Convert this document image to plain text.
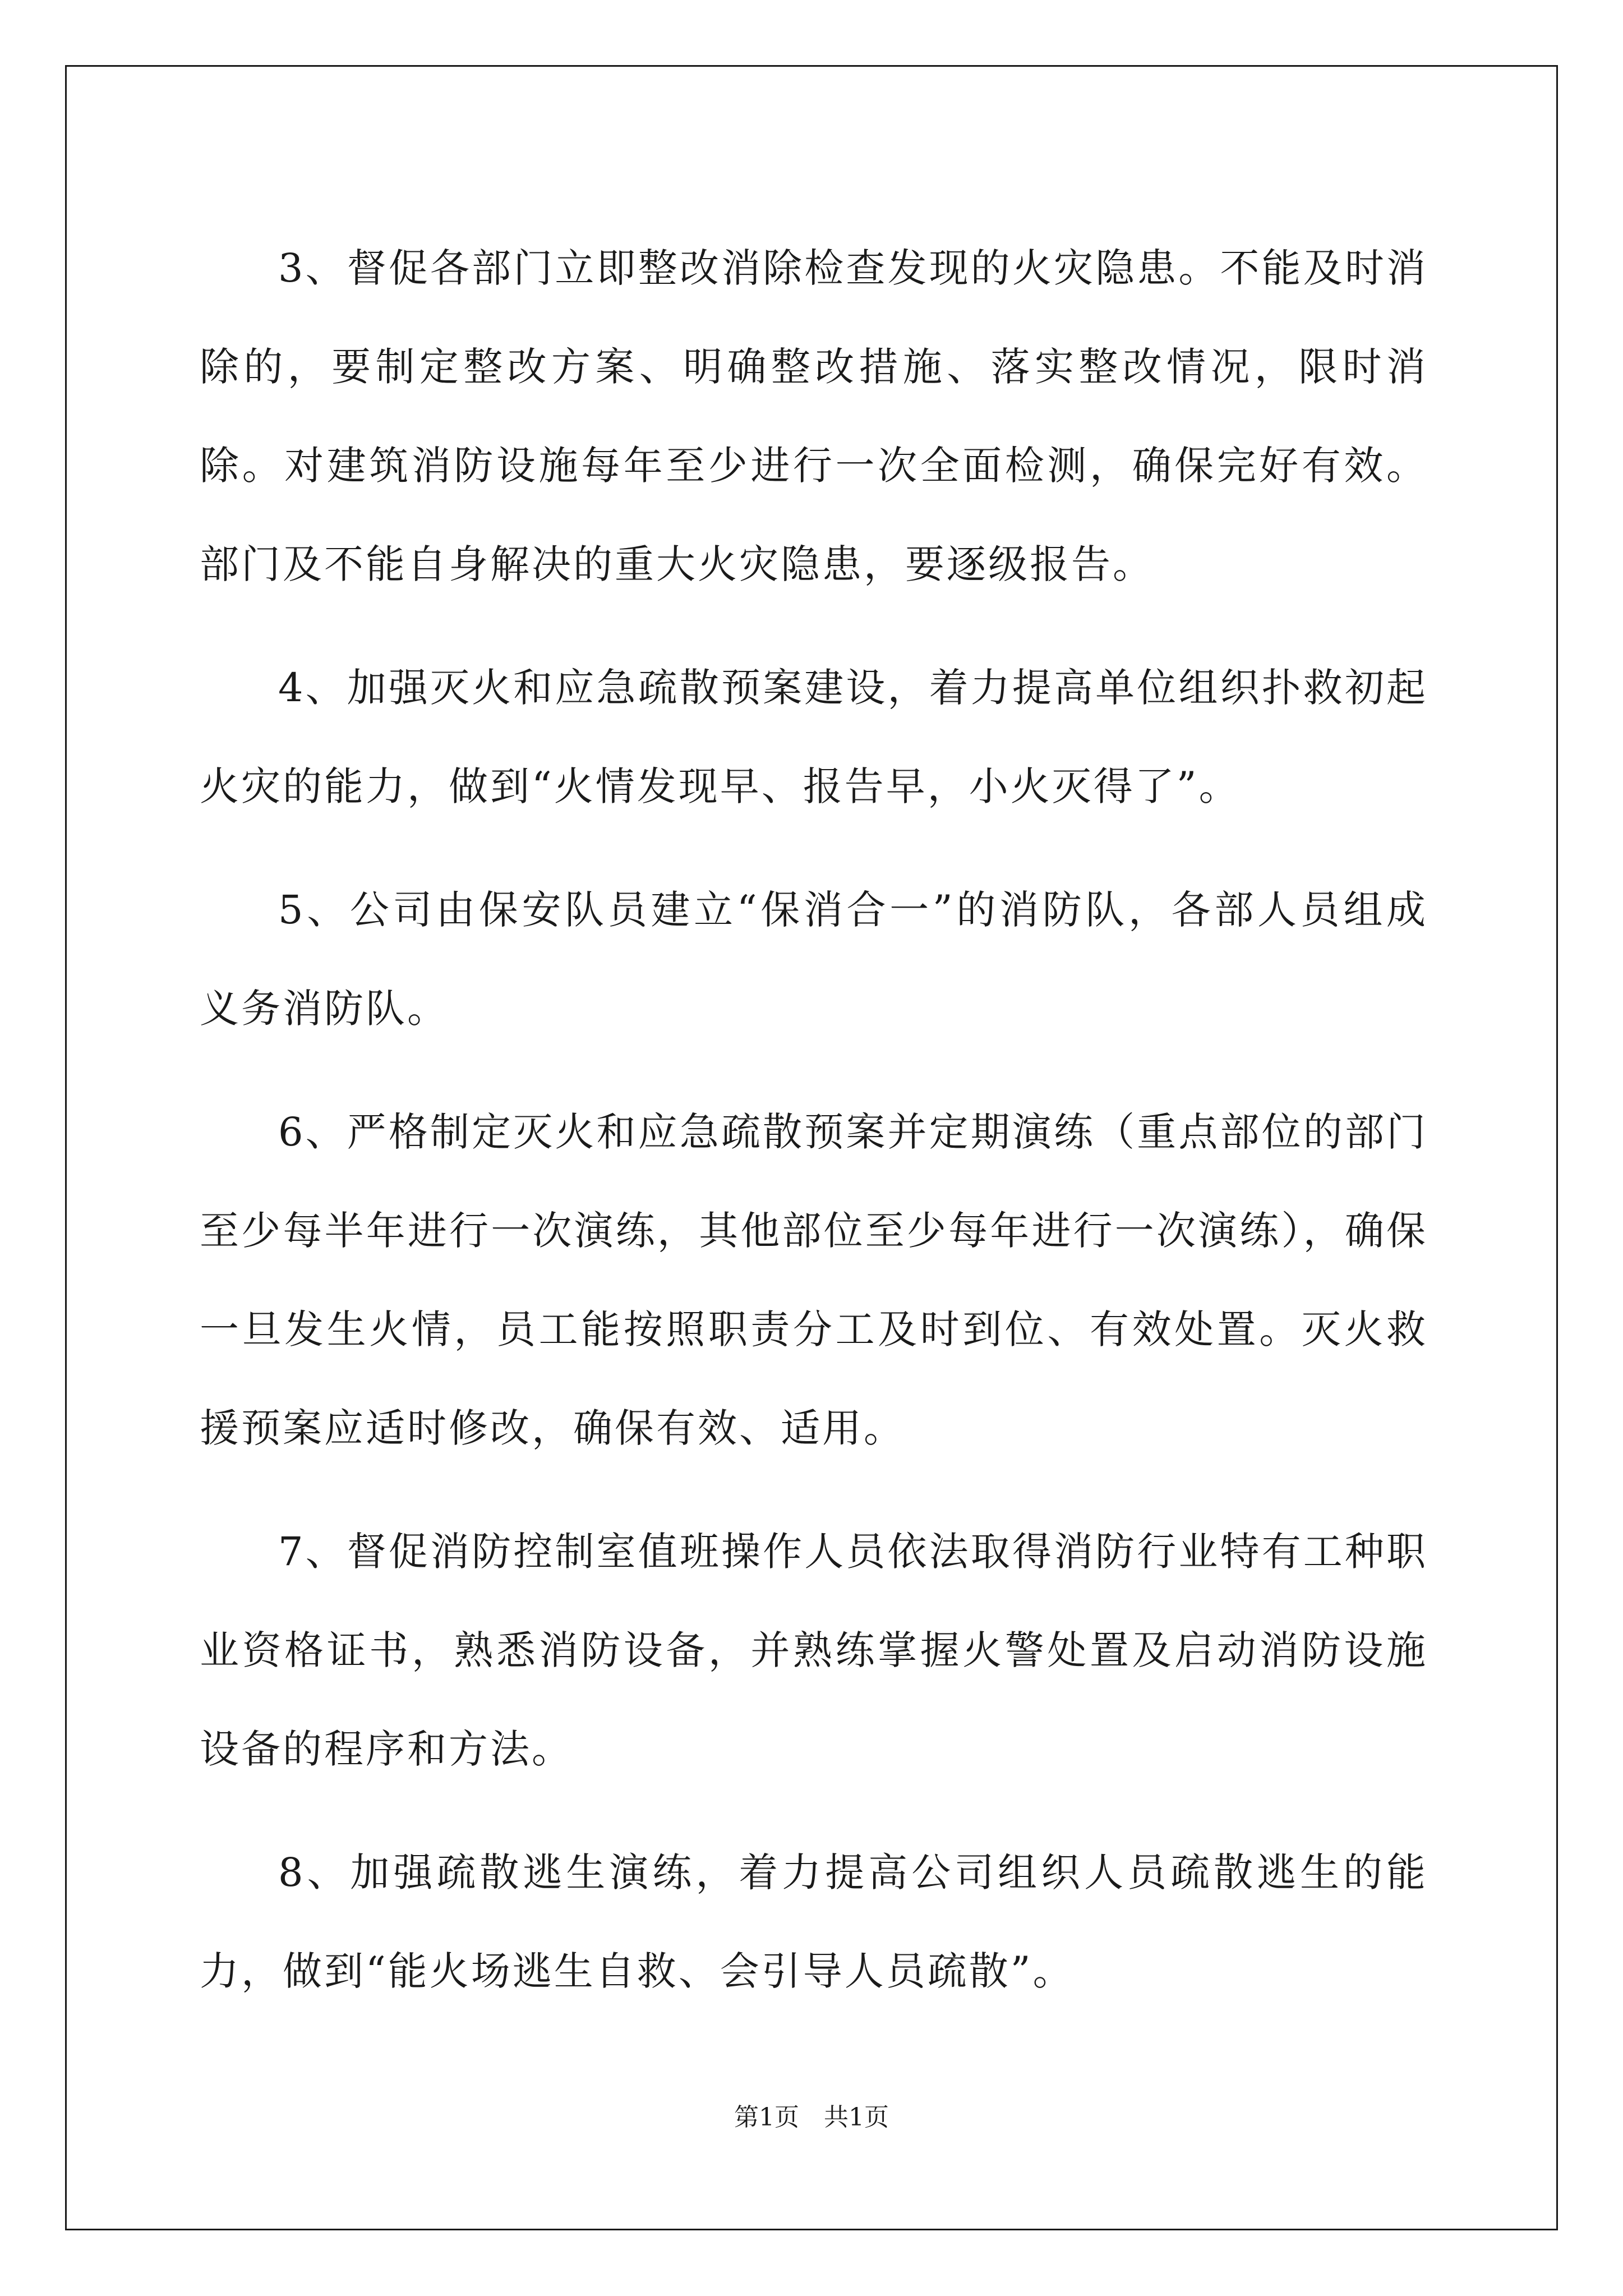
3、督促各部门立即整改消除检查发现的火灾隐患。不能及时消除的，要制定整改方案、明确整改措施、落实整改情况，限时消除。对建筑消防设施每年至少进行一次全面检测，确保完好有效。部门及不能自身解决的重大火灾隐患，要逐级报告。

4、加强灭火和应急疏散预案建设，着力提高单位组织扑救初起火灾的能力，做到“火情发现早、报告早，小火灭得了”。

5、公司由保安队员建立“保消合一”的消防队，各部人员组成义务消防队。

6、严格制定灭火和应急疏散预案并定期演练（重点部位的部门至少每半年进行一次演练，其他部位至少每年进行一次演练），确保一旦发生火情，员工能按照职责分工及时到位、有效处置。灭火救援预案应适时修改，确保有效、适用。

7、督促消防控制室值班操作人员依法取得消防行业特有工种职业资格证书，熟悉消防设备，并熟练掌握火警处置及启动消防设施设备的程序和方法。

8、加强疏散逃生演练，着力提高公司组织人员疏散逃生的能力，做到“能火场逃生自救、会引导人员疏散”。

第1页 共1页
